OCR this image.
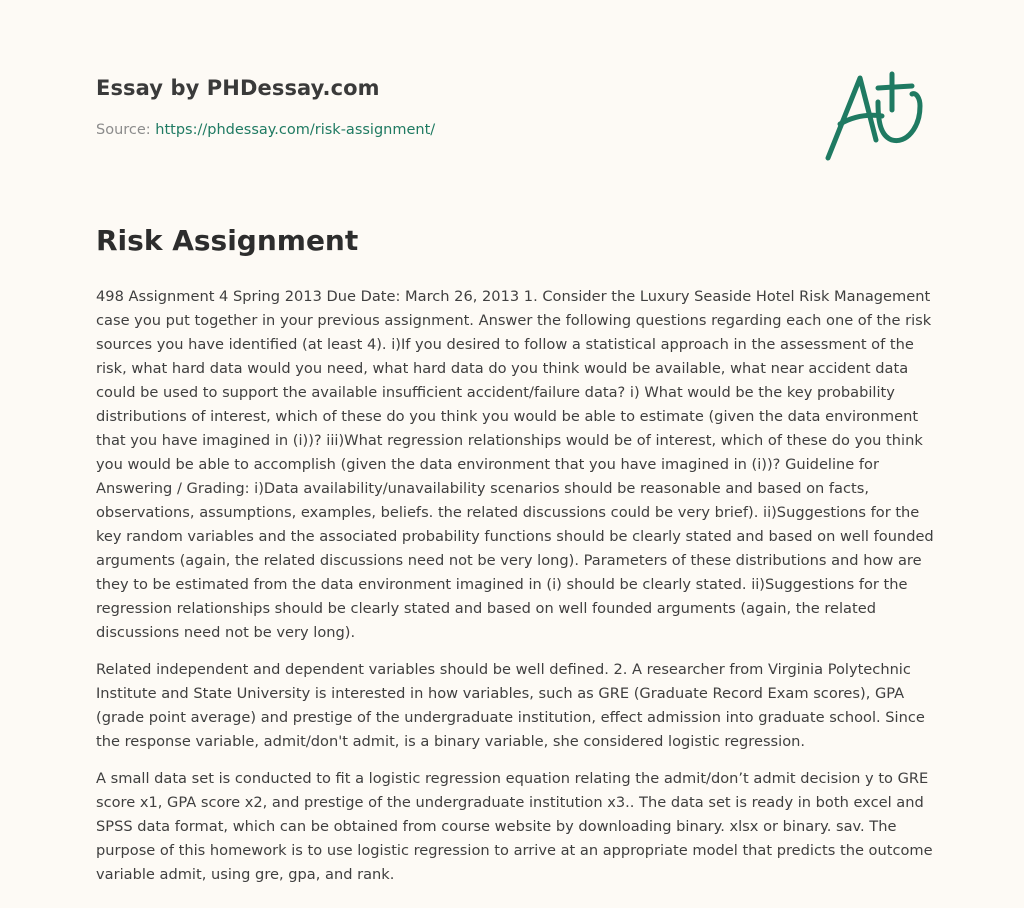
Essay by PHDessay.com
Source: https://phdessay.com/risk-assignment/
Risk Assignment

498 Assignment 4 Spring 2013 Due Date: March 26, 2013 1. Consider the Luxury Seaside Hotel Risk Management case you put together in your previous assignment. Answer the following questions regarding each one of the risk sources you have identified (at least 4). i)If you desired to follow a statistical approach in the assessment of the risk, what hard data would you need, what hard data do you think would be available, what near accident data could be used to support the available insufficient accident/failure data? i) What would be the key probability distributions of interest, which of these do you think you would be able to estimate (given the data environment that you have imagined in (i))? iii)What regression relationships would be of interest, which of these do you think you would be able to accomplish (given the data environment that you have imagined in (i))? Guideline for Answering / Grading: i)Data availability/unavailability scenarios should be reasonable and based on facts, observations, assumptions, examples, beliefs. the related discussions could be very brief). ii)Suggestions for the key random variables and the associated probability functions should be clearly stated and based on well founded arguments (again, the related discussions need not be very long). Parameters of these distributions and how are they to be estimated from the data environment imagined in (i) should be clearly stated. ii)Suggestions for the regression relationships should be clearly stated and based on well founded arguments (again, the related discussions need not be very long).

Related independent and dependent variables should be well defined. 2. A researcher from Virginia Polytechnic Institute and State University is interested in how variables, such as GRE (Graduate Record Exam scores), GPA (grade point average) and prestige of the undergraduate institution, effect admission into graduate school. Since the response variable, admit/don't admit, is a binary variable, she considered logistic regression.

A small data set is conducted to fit a logistic regression equation relating the admit/don’t admit decision y to GRE score x1, GPA score x2, and prestige of the undergraduate institution x3.. The data set is ready in both excel and SPSS data format, which can be obtained from course website by downloading binary. xlsx or binary. sav. The purpose of this homework is to use logistic regression to arrive at an appropriate model that predicts the outcome variable admit, using gre, gpa, and rank.
